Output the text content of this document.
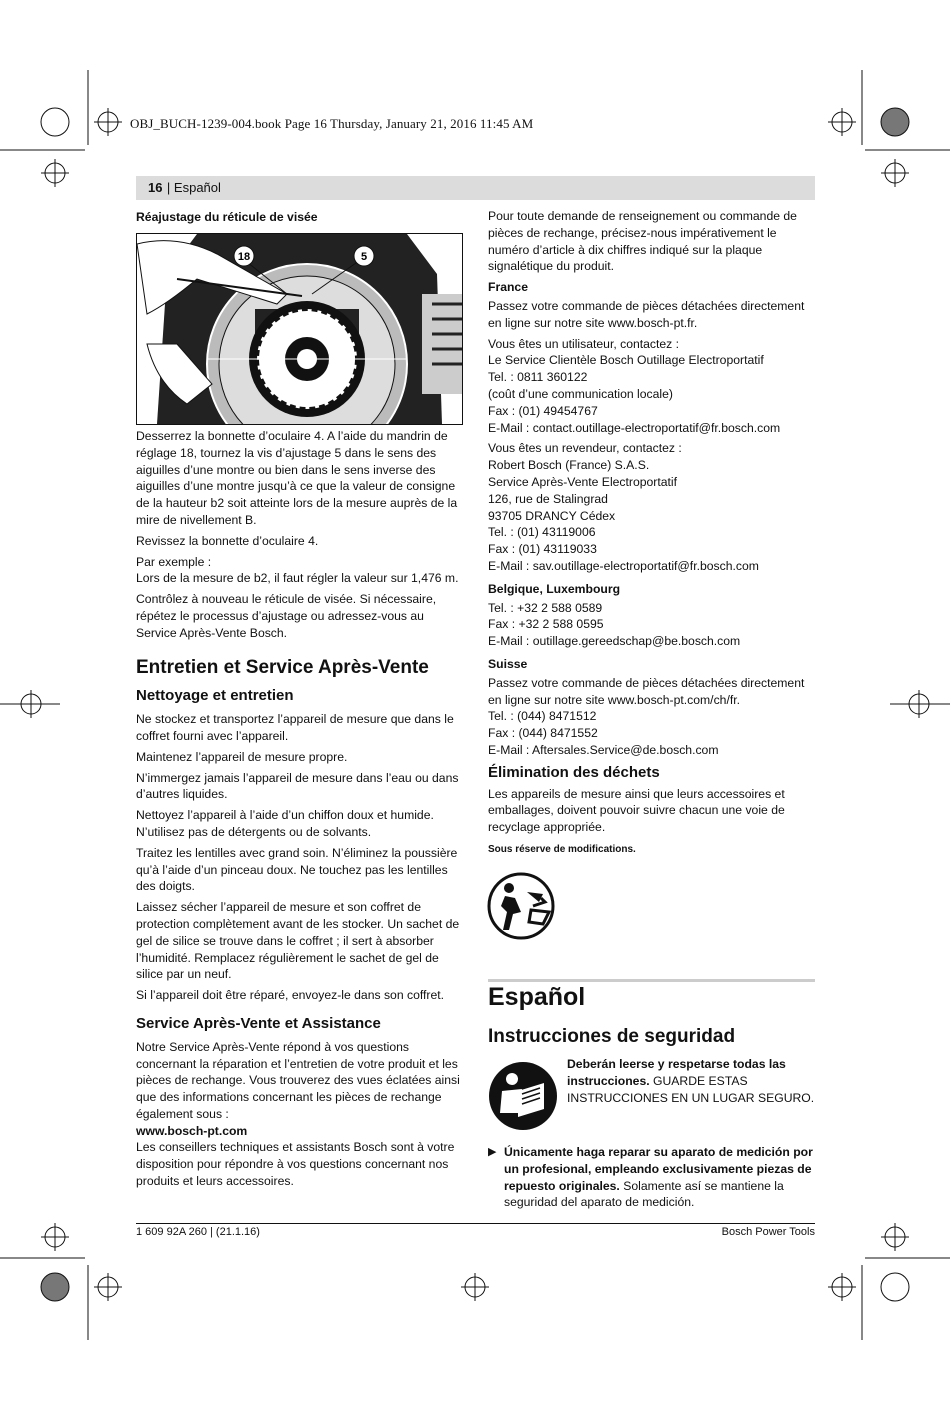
OBJ_BUCH-1239-004.book Page 16 Thursday, January 21, 2016 11:45 AM
16 | Español

Réajustage du réticule de visée

18	5

Desserrez la bonnette d’oculaire 4. A l’aide du mandrin de réglage 18, tournez la vis d’ajustage 5 dans le sens des aiguilles d’une montre ou bien dans le sens inverse des aiguilles d’une montre jusqu’à ce que la valeur de consigne de la hauteur b2 soit atteinte lors de la mesure auprès de la mire de nivellement B.

Revissez la bonnette d’oculaire 4.

Par exemple :

Lors de la mesure de b2, il faut régler la valeur sur 1,476 m.

Contrôlez à nouveau le réticule de visée. Si nécessaire, répétez le processus d’ajustage ou adressez-vous au Service Après-Vente Bosch.

Entretien et Service Après-Vente

Nettoyage et entretien

Ne stockez et transportez l’appareil de mesure que dans le coffret fourni avec l’appareil.

Maintenez l’appareil de mesure propre.

N’immergez jamais l’appareil de mesure dans l’eau ou dans d’autres liquides.

Nettoyez l’appareil à l’aide d’un chiffon doux et humide. N’utilisez pas de détergents ou de solvants.

Traitez les lentilles avec grand soin. N’éliminez la poussière qu’à l’aide d’un pinceau doux. Ne touchez pas les lentilles des doigts.

Laissez sécher l’appareil de mesure et son coffret de protection complètement avant de les stocker. Un sachet de gel de silice se trouve dans le coffret ; il sert à absorber l’humidité. Remplacez régulièrement le sachet de gel de silice par un neuf.

Si l’appareil doit être réparé, envoyez-le dans son coffret.

Service Après-Vente et Assistance

Notre Service Après-Vente répond à vos questions concernant la réparation et l’entretien de votre produit et les pièces de rechange. Vous trouverez des vues éclatées ainsi que des informations concernant les pièces de rechange également sous :

www.bosch-pt.com

Les conseillers techniques et assistants Bosch sont à votre disposition pour répondre à vos questions concernant nos produits et leurs accessoires.

Pour toute demande de renseignement ou commande de pièces de rechange, précisez-nous impérativement le numéro d’article à dix chiffres indiqué sur la plaque signalétique du produit.

France

Passez votre commande de pièces détachées directement en ligne sur notre site www.bosch-pt.fr.

Vous êtes un utilisateur, contactez :
Le Service Clientèle Bosch Outillage Electroportatif
Tel. : 0811 360122
(coût d’une communication locale)
Fax : (01) 49454767
E-Mail : contact.outillage-electroportatif@fr.bosch.com
Vous êtes un revendeur, contactez :
Robert Bosch (France) S.A.S.
Service Après-Vente Electroportatif
126, rue de Stalingrad
93705 DRANCY Cédex
Tel. : (01) 43119006
Fax : (01) 43119033
E-Mail : sav.outillage-electroportatif@fr.bosch.com

Belgique, Luxembourg

Tel. : +32 2 588 0589
Fax : +32 2 588 0595
E-Mail : outillage.gereedschap@be.bosch.com

Suisse

Passez votre commande de pièces détachées directement en ligne sur notre site www.bosch-pt.com/ch/fr.

Tel. : (044) 8471512
Fax : (044) 8471552
E-Mail : Aftersales.Service@de.bosch.com

Élimination des déchets

Les appareils de mesure ainsi que leurs accessoires et emballages, doivent pouvoir suivre chacun une voie de recyclage appropriée.

Sous réserve de modifications.

Español
Instrucciones de seguridad
Deberán leerse y respetarse todas las instrucciones. GUARDE ESTAS INSTRUCCIONES EN UN LUGAR SEGURO.
▶ Únicamente haga reparar su aparato de medición por un profesional, empleando exclusivamente piezas de repuesto originales. Solamente así se mantiene la seguridad del aparato de medición.
1 609 92A 260 | (21.1.16)	Bosch Power Tools
